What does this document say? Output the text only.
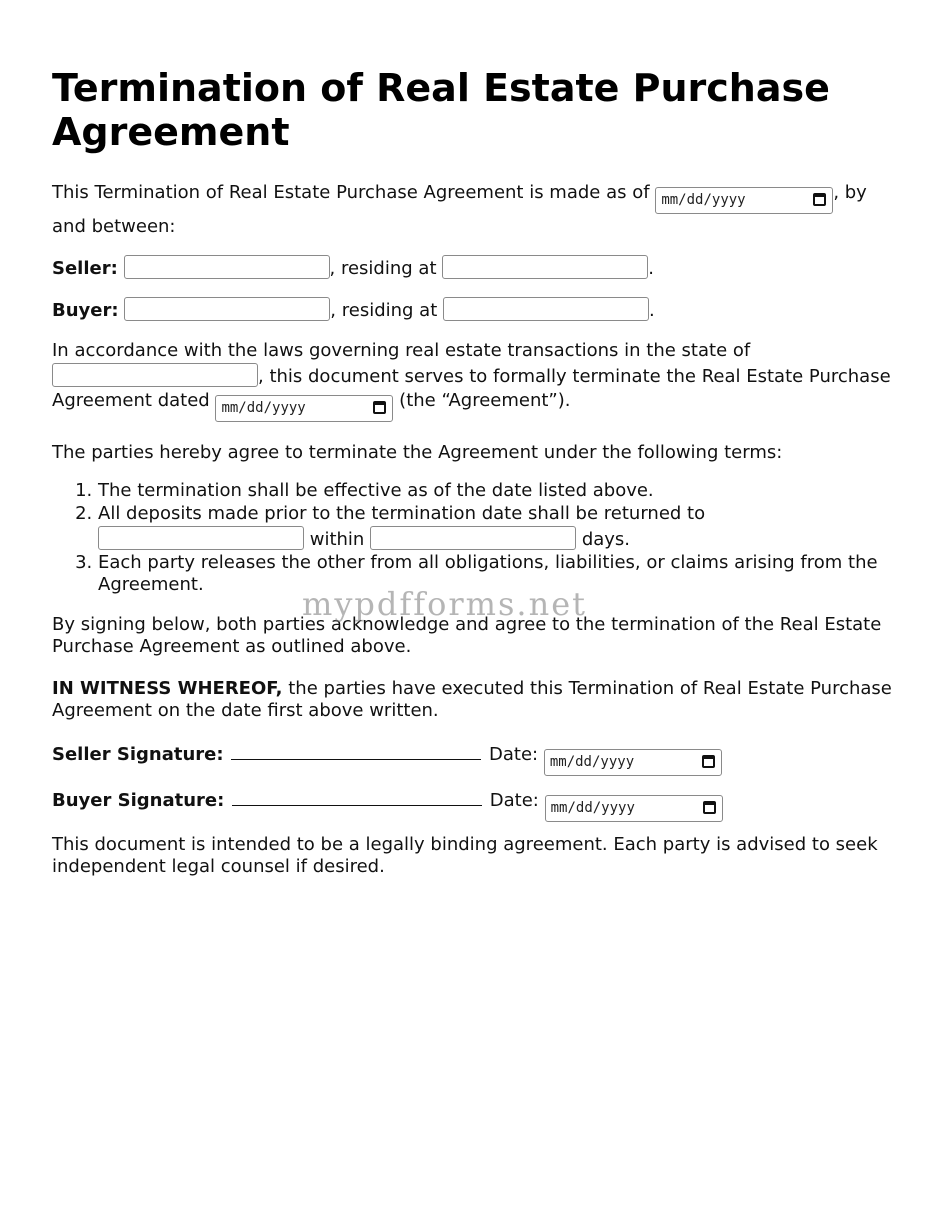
Termination of Real Estate Purchase Agreement

This Termination of Real Estate Purchase Agreement is made as of mm/dd/yyyy	, by and between:

Seller:	, residing at	.

Buyer:	, residing at	.

In accordance with the laws governing real estate transactions in the state of , this document serves to formally terminate the Real Estate Purchase Agreement dated mm/dd/yyyy	(the “Agreement”).

The parties hereby agree to terminate the Agreement under the following terms:

1. The termination shall be effective as of the date listed above.
2. All deposits made prior to the termination date shall be returned to  within	days.
3. Each party releases the other from all obligations, liabilities, or claims arising from the Agreement.

By signing below, both parties acknowledge and agree to the termination of the Real Estate Purchase Agreement as outlined above.

IN WITNESS WHEREOF, the parties have executed this Termination of Real Estate Purchase Agreement on the date first above written.

Seller Signature:	Date: mm/dd/yyyy

Buyer Signature:	Date: mm/dd/yyyy

This document is intended to be a legally binding agreement. Each party is advised to seek independent legal counsel if desired.

mypdfforms.net
